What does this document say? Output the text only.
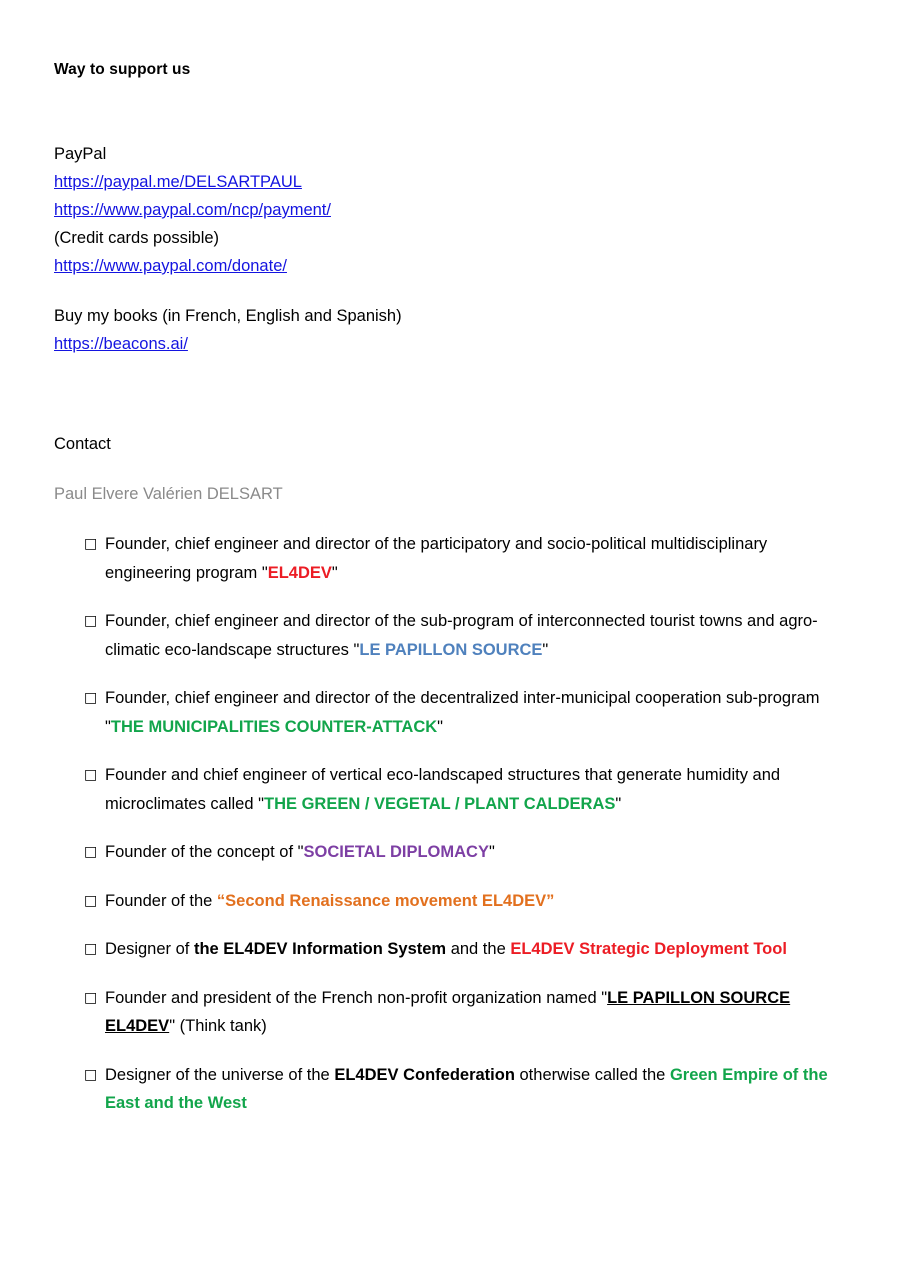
Way to support us
PayPal
https://paypal.me/DELSARTPAUL
https://www.paypal.com/ncp/payment/
(Credit cards possible)
https://www.paypal.com/donate/
Buy my books (in French, English and Spanish)
https://beacons.ai/

Contact

Paul Elvere Valérien DELSART

□ Founder, chief engineer and director of the participatory and socio-political multidisciplinary engineering program "EL4DEV"
□ Founder, chief engineer and director of the sub-program of interconnected tourist towns and agro-climatic eco-landscape structures "LE PAPILLON SOURCE"
□ Founder, chief engineer and director of the decentralized inter-municipal cooperation sub-program "THE MUNICIPALITIES COUNTER-ATTACK"
□ Founder and chief engineer of vertical eco-landscaped structures that generate humidity and microclimates called "THE GREEN / VEGETAL / PLANT CALDERAS"
□ Founder of the concept of "SOCIETAL DIPLOMACY"
□ Founder of the “Second Renaissance movement EL4DEV”
□ Designer of the EL4DEV Information System and the EL4DEV Strategic Deployment Tool
□ Founder and president of the French non-profit organization named "LE PAPILLON SOURCE EL4DEV" (Think tank)
□ Designer of the universe of the EL4DEV Confederation otherwise called the Green Empire of the East and the West
